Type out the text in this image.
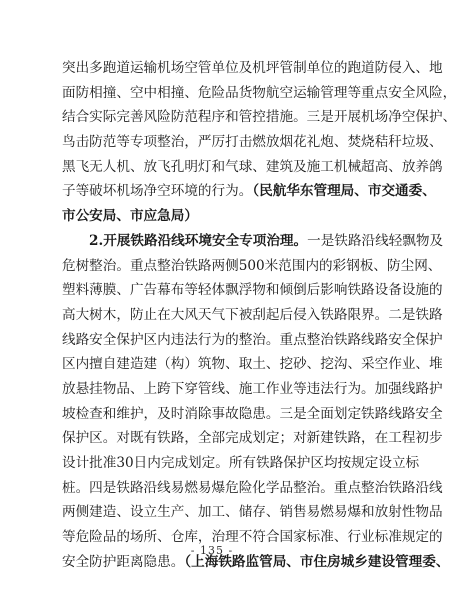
突出多跑道运输机场空管单位及机坪管制单位的跑道防侵入、地
面防相撞、空中相撞、危险品货物航空运输管理等重点安全风险，
结合实际完善风险防范程序和管控措施。三是开展机场净空保护、
鸟击防范等专项整治，严厉打击燃放烟花礼炮、焚烧秸秆垃圾、
黑飞无人机、放飞孔明灯和气球、建筑及施工机械超高、放养鸽
子等破坏机场净空环境的行为。（民航华东管理局、市交通委、
市公安局、市应急局）
2.开展铁路沿线环境安全专项治理。一是铁路沿线轻飘物及
危树整治。重点整治铁路两侧500米范围内的彩钢板、防尘网、
塑料薄膜、广告幕布等轻体飘浮物和倾倒后影响铁路设备设施的
高大树木，防止在大风天气下被刮起后侵入铁路限界。二是铁路
线路安全保护区内违法行为的整治。重点整治铁路线路安全保护
区内擅自建造建（构）筑物、取土、挖砂、挖沟、采空作业、堆
放悬挂物品、上跨下穿管线、施工作业等违法行为。加强线路护
坡检查和维护，及时消除事故隐患。三是全面划定铁路线路安全
保护区。对既有铁路，全部完成划定；对新建铁路，在工程初步
设计批准30日内完成划定。所有铁路保护区均按规定设立标
桩。四是铁路沿线易燃易爆危险化学品整治。重点整治铁路沿线
两侧建造、设立生产、加工、储存、销售易燃易爆和放射性物品
等危险品的场所、仓库，治理不符合国家标准、行业标准规定的
安全防护距离隐患。（上海铁路监管局、市住房城乡建设管理委、
- 135 -
